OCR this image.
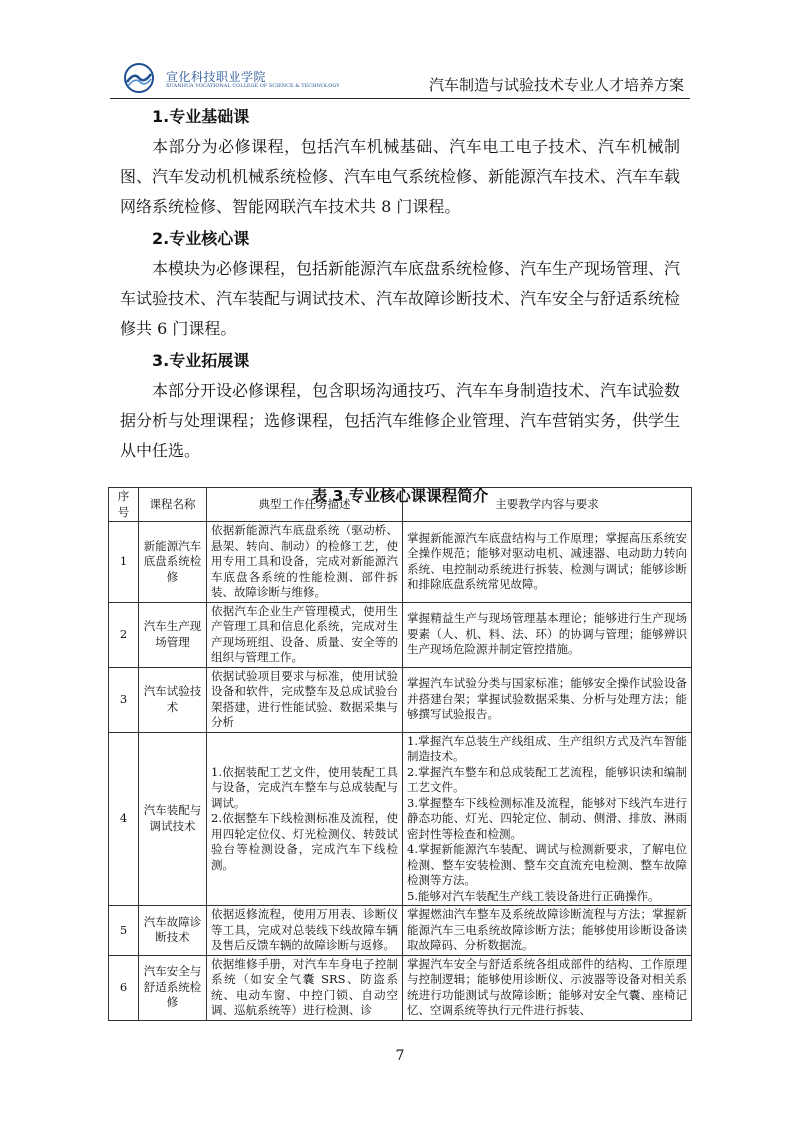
宣化科技职业学院
XUANHUA VOCATIONAL COLLEGE OF SCIENCE & TECHNOLOGY	汽车制造与试验技术专业人才培养方案
1.专业基础课

本部分为必修课程，包括汽车机械基础、汽车电工电子技术、汽车机械制图、汽车发动机机械系统检修、汽车电气系统检修、新能源汽车技术、汽车车载网络系统检修、智能网联汽车技术共 8 门课程。

2.专业核心课

本模块为必修课程，包括新能源汽车底盘系统检修、汽车生产现场管理、汽车试验技术、汽车装配与调试技术、汽车故障诊断技术、汽车安全与舒适系统检修共 6 门课程。

3.专业拓展课

本部分开设必修课程，包含职场沟通技巧、汽车车身制造技术、汽车试验数据分析与处理课程；选修课程，包括汽车维修企业管理、汽车营销实务，供学生从中任选。

表 3 专业核心课课程简介
序号	课程名称	典型工作任务描述	主要教学内容与要求
1	新能源汽车底盘系统检修	依据新能源汽车底盘系统（驱动桥、悬架、转向、制动）的检修工艺，使用专用工具和设备，完成对新能源汽车底盘各系统的性能检测、部件拆装、故障诊断与维修。	掌握新能源汽车底盘结构与工作原理；掌握高压系统安全操作规范；能够对驱动电机、减速器、电动助力转向系统、电控制动系统进行拆装、检测与调试；能够诊断和排除底盘系统常见故障。
2	汽车生产现场管理	依据汽车企业生产管理模式，使用生产管理工具和信息化系统，完成对生产现场班组、设备、质量、安全等的组织与管理工作。	掌握精益生产与现场管理基本理论；能够进行生产现场要素（人、机、料、法、环）的协调与管理；能够辨识生产现场危险源并制定管控措施。
3	汽车试验技术	依据试验项目要求与标准，使用试验设备和软件，完成整车及总成试验台架搭建，进行性能试验、数据采集与分析	掌握汽车试验分类与国家标准；能够安全操作试验设备并搭建台架；掌握试验数据采集、分析与处理方法；能够撰写试验报告。
4	汽车装配与调试技术	1.依据装配工艺文件，使用装配工具与设备，完成汽车整车与总成装配与调试。
2.依据整车下线检测标准及流程，使用四轮定位仪、灯光检测仪、转鼓试验台等检测设备，完成汽车下线检测。	1.掌握汽车总装生产线组成、生产组织方式及汽车智能制造技术。
2.掌握汽车整车和总成装配工艺流程，能够识读和编制工艺文件。
3.掌握整车下线检测标准及流程，能够对下线汽车进行静态功能、灯光、四轮定位、制动、侧滑、排放、淋雨密封性等检查和检测。
4.掌握新能源汽车装配、调试与检测新要求，了解电位检测、整车安装检测、整车交直流充电检测、整车故障检测等方法。
5.能够对汽车装配生产线工装设备进行正确操作。
5	汽车故障诊断技术	依据返修流程，使用万用表、诊断仪等工具，完成对总装线下线故障车辆及售后反馈车辆的故障诊断与返修。	掌握燃油汽车整车及系统故障诊断流程与方法；掌握新能源汽车三电系统故障诊断方法；能够使用诊断设备读取故障码、分析数据流。
6	汽车安全与舒适系统检修	依据维修手册，对汽车车身电子控制系统（如安全气囊 SRS、防盗系统、电动车窗、中控门锁、自动空调、巡航系统等）进行检测、诊	掌握汽车安全与舒适系统各组成部件的结构、工作原理与控制逻辑；能够使用诊断仪、示波器等设备对相关系统进行功能测试与故障诊断；能够对安全气囊、座椅记忆、空调系统等执行元件进行拆装、
7
